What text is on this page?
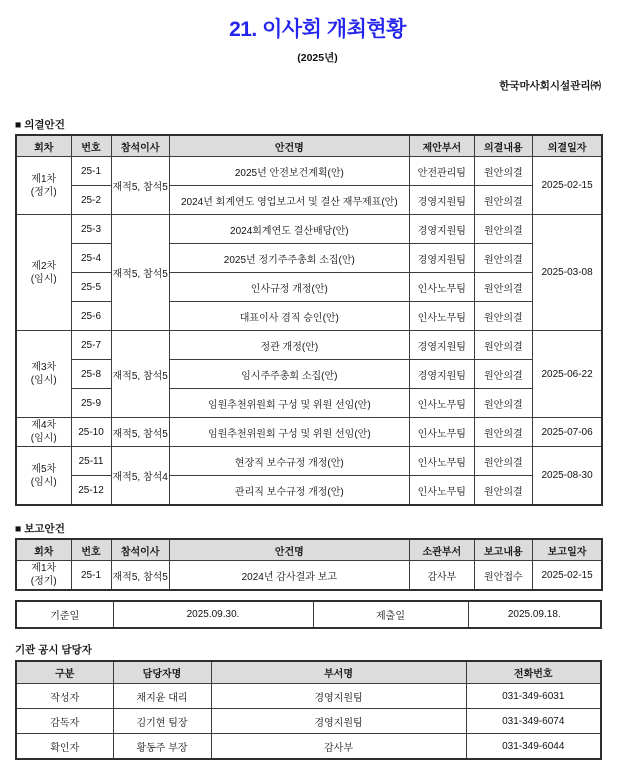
21. 이사회 개최현황
(2025년)
한국마사회시설관리㈜
■ 의결안건
회차	번호	참석이사	안건명	제안부서	의결내용	의결일자

제1차
(정기)	25-1	재적5, 참석5	2025년 안전보건계획(안)	안전관리팀	원안의결	2025-02-15
	25-2		2024년 회계연도 영업보고서 및 결산 재무제표(안)	경영지원팀	원안의결	

제2차
(임시)	25-3	재적5, 참석5	2024회계연도 결산배당(안)	경영지원팀	원안의결	2025-03-08
	25-4		2025년 정기주주총회 소집(안)	경영지원팀	원안의결	
	25-5		인사규정 개정(안)	인사노무팀	원안의결	
	25-6		대표이사 겸직 승인(안)	인사노무팀	원안의결	

제3차
(임시)	25-7	재적5, 참석5	정관 개정(안)	경영지원팀	원안의결	2025-06-22
	25-8		임시주주총회 소집(안)	경영지원팀	원안의결	
	25-9		임원추천위원회 구성 및 위원 선임(안)	인사노무팀	원안의결	

제4차
(임시)	25-10	재적5, 참석5	임원추천위원회 구성 및 위원 선임(안)	인사노무팀	원안의결	2025-07-06

제5차
(임시)	25-11	재적5, 참석4	현장직 보수규정 개정(안)	인사노무팀	원안의결	2025-08-30
	25-12		관리직 보수규정 개정(안)	인사노무팀	원안의결	
■ 보고안건
회차	번호	참석이사	안건명	소관부서	보고내용	보고일자

제1차
(정기)	25-1	재적5, 참석5	2024년 감사결과 보고	감사부	원안접수	2025-02-15
기준일	2025.09.30.	제출일	2025.09.18.
기관 공시 담당자
구분	담당자명	부서명	전화번호
작성자	채지윤 대리	경영지원팀	031-349-6031
감독자	김기현 팀장	경영지원팀	031-349-6074
확인자	황동주 부장	감사부	031-349-6044
